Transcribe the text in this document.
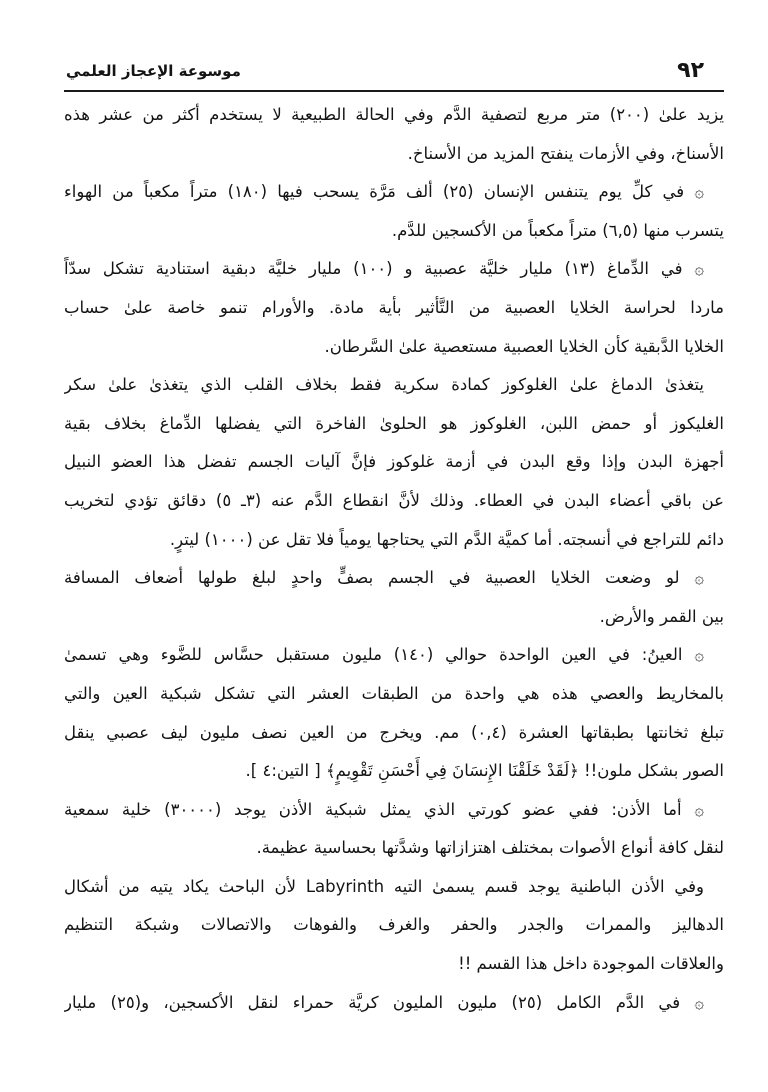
٩٢
موسوعة الإعجاز العلمي
يزيد علىٰ (٢٠٠) متر مربع لتصفية الدَّم وفي الحالة الطبيعية لا يستخدم أكثر من عشر هذه
الأسناخ، وفي الأزمات ينفتح المزيد من الأسناخ.
۞ في كلِّ يوم يتنفس الإنسان (٢٥) ألف مَرَّة يسحب فيها (١٨٠) متراً مكعباً من الهواء
يتسرب منها (٦,٥) متراً مكعباً من الأكسجين للدَّم.
۞ في الدِّماغ (١٣) مليار خليَّة عصبية و (١٠٠) مليار خليَّة دبقية استنادية تشكل سدّاً
ماردا لحراسة الخلايا العصبية من التَّأثير بأية مادة. والأورام تنمو خاصة علىٰ حساب
الخلايا الدَّبقية كأن الخلايا العصبية مستعصية علىٰ السَّرطان.
يتغذىٰ الدماغ علىٰ الغلوكوز كمادة سكرية فقط بخلاف القلب الذي يتغذىٰ علىٰ سكر
الغليكوز أو حمض اللبن، الغلوكوز هو الحلوىٰ الفاخرة التي يفضلها الدِّماغ بخلاف بقية
أجهزة البدن وإذا وقع البدن في أزمة غلوكوز فإنَّ آليات الجسم تفضل هذا العضو النبيل
عن باقي أعضاء البدن في العطاء. وذلك لأنَّ انقطاع الدَّم عنه (٣ـ ٥) دقائق تؤدي لتخريب
دائم للتراجع في أنسجته. أما كميَّة الدَّم التي يحتاجها يومياً فلا تقل عن (١٠٠٠) ليترٍ.
۞ لو وضعت الخلايا العصبية في الجسم بصفٍّ واحدٍ لبلغ طولها أضعاف المسافة
بين القمر والأرض.
۞ العينُ: في العين الواحدة حوالي (١٤٠) مليون مستقبل حسَّاس للضَّوء وهي تسمىٰ
بالمخاريط والعصي هذه هي واحدة من الطبقات العشر التي تشكل شبكية العين والتي
تبلغ ثخانتها بطبقاتها العشرة (٠,٤) مم. ويخرج من العين نصف مليون ليف عصبي ينقل
الصور بشكل ملون!! ﴿لَقَدْ خَلَقْنَا الإِنسَانَ فِي أَحْسَنِ تَقْوِيمٍ﴾ [ التين:٤ ].
۞ أما الأذن: ففي عضو كورتي الذي يمثل شبكية الأذن يوجد (٣٠٠٠٠) خلية سمعية
لنقل كافة أنواع الأصوات بمختلف اهتزازاتها وشدَّتها بحساسية عظيمة.
وفي الأذن الباطنية يوجد قسم يسمىٰ التيه Labyrinth لأن الباحث يكاد يتيه من أشكال
الدهاليز والممرات والجدر والحفر والغرف والفوهات والاتصالات وشبكة التنظيم
والعلاقات الموجودة داخل هذا القسم !!
۞ في الدَّم الكامل (٢٥) مليون المليون كريَّة حمراء لنقل الأكسجين، و(٢٥) مليار
